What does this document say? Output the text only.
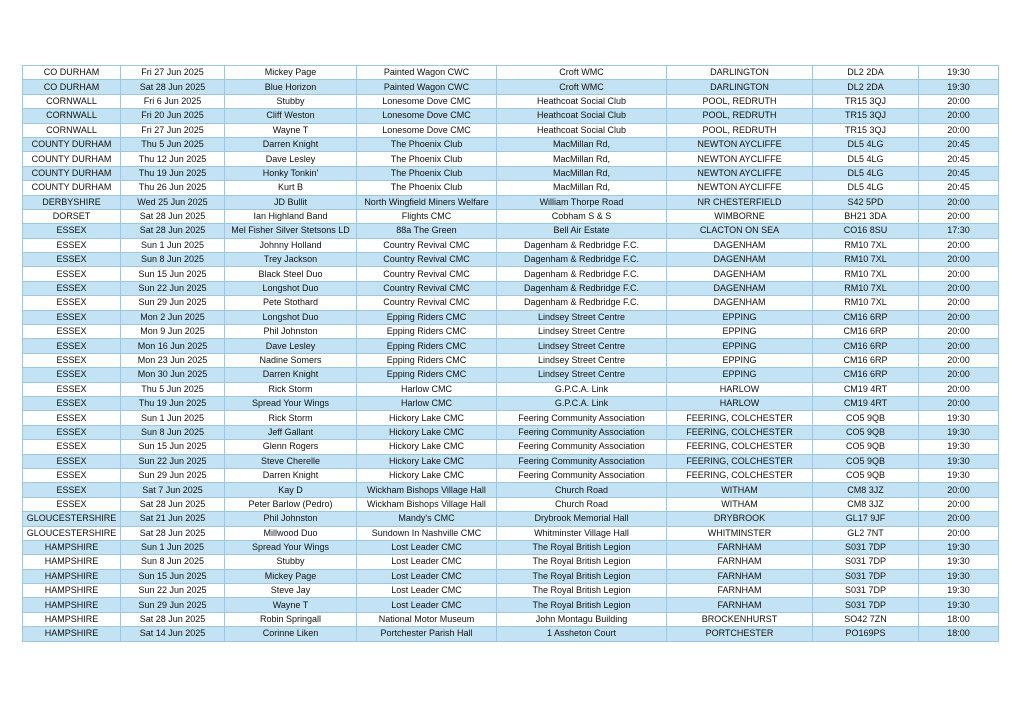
CO DURHAM	Fri 27 Jun 2025	Mickey Page	Painted Wagon CWC	Croft WMC	DARLINGTON	DL2 2DA	19:30
CO DURHAM	Sat 28 Jun 2025	Blue Horizon	Painted Wagon CWC	Croft WMC	DARLINGTON	DL2 2DA	19:30
CORNWALL	Fri 6 Jun 2025	Stubby	Lonesome Dove CMC	Heathcoat Social Club	POOL, REDRUTH	TR15 3QJ	20:00
CORNWALL	Fri 20 Jun 2025	Cliff Weston	Lonesome Dove CMC	Heathcoat Social Club	POOL, REDRUTH	TR15 3QJ	20:00
CORNWALL	Fri 27 Jun 2025	Wayne T	Lonesome Dove CMC	Heathcoat Social Club	POOL, REDRUTH	TR15 3QJ	20:00
COUNTY DURHAM	Thu 5 Jun 2025	Darren Knight	The Phoenix Club	MacMillan Rd,	NEWTON AYCLIFFE	DL5 4LG	20:45
COUNTY DURHAM	Thu 12 Jun 2025	Dave Lesley	The Phoenix Club	MacMillan Rd,	NEWTON AYCLIFFE	DL5 4LG	20:45
COUNTY DURHAM	Thu 19 Jun 2025	Honky Tonkin'	The Phoenix Club	MacMillan Rd,	NEWTON AYCLIFFE	DL5 4LG	20:45
COUNTY DURHAM	Thu 26 Jun 2025	Kurt B	The Phoenix Club	MacMillan Rd,	NEWTON AYCLIFFE	DL5 4LG	20:45
DERBYSHIRE	Wed 25 Jun 2025	JD Bullit	North Wingfield Miners Welfare	William Thorpe Road	NR CHESTERFIELD	S42 5PD	20:00
DORSET	Sat 28 Jun 2025	Ian Highland Band	Flights CMC	Cobham S & S	WIMBORNE	BH21 3DA	20:00
ESSEX	Sat 28 Jun 2025	Mel Fisher Silver Stetsons LD	88a The Green	Bell Air Estate	CLACTON ON SEA	CO16 8SU	17:30
ESSEX	Sun 1 Jun 2025	Johnny Holland	Country Revival CMC	Dagenham & Redbridge F.C.	DAGENHAM	RM10 7XL	20:00
ESSEX	Sun 8 Jun 2025	Trey Jackson	Country Revival CMC	Dagenham & Redbridge F.C.	DAGENHAM	RM10 7XL	20:00
ESSEX	Sun 15 Jun 2025	Black Steel Duo	Country Revival CMC	Dagenham & Redbridge F.C.	DAGENHAM	RM10 7XL	20:00
ESSEX	Sun 22 Jun 2025	Longshot Duo	Country Revival CMC	Dagenham & Redbridge F.C.	DAGENHAM	RM10 7XL	20:00
ESSEX	Sun 29 Jun 2025	Pete Stothard	Country Revival CMC	Dagenham & Redbridge F.C.	DAGENHAM	RM10 7XL	20:00
ESSEX	Mon 2 Jun 2025	Longshot Duo	Epping Riders CMC	Lindsey Street Centre	EPPING	CM16 6RP	20:00
ESSEX	Mon 9 Jun 2025	Phil Johnston	Epping Riders CMC	Lindsey Street Centre	EPPING	CM16 6RP	20:00
ESSEX	Mon 16 Jun 2025	Dave Lesley	Epping Riders CMC	Lindsey Street Centre	EPPING	CM16 6RP	20:00
ESSEX	Mon 23 Jun 2025	Nadine Somers	Epping Riders CMC	Lindsey Street Centre	EPPING	CM16 6RP	20:00
ESSEX	Mon 30 Jun 2025	Darren Knight	Epping Riders CMC	Lindsey Street Centre	EPPING	CM16 6RP	20:00
ESSEX	Thu 5 Jun 2025	Rick Storm	Harlow CMC	G.P.C.A. Link	HARLOW	CM19 4RT	20:00
ESSEX	Thu 19 Jun 2025	Spread Your Wings	Harlow CMC	G.P.C.A. Link	HARLOW	CM19 4RT	20:00
ESSEX	Sun 1 Jun 2025	Rick Storm	Hickory Lake CMC	Feering Community Association	FEERING, COLCHESTER	CO5 9QB	19:30
ESSEX	Sun 8 Jun 2025	Jeff Gallant	Hickory Lake CMC	Feering Community Association	FEERING, COLCHESTER	CO5 9QB	19:30
ESSEX	Sun 15 Jun 2025	Glenn Rogers	Hickory Lake CMC	Feering Community Association	FEERING, COLCHESTER	CO5 9QB	19:30
ESSEX	Sun 22 Jun 2025	Steve Cherelle	Hickory Lake CMC	Feering Community Association	FEERING, COLCHESTER	CO5 9QB	19:30
ESSEX	Sun 29 Jun 2025	Darren Knight	Hickory Lake CMC	Feering Community Association	FEERING, COLCHESTER	CO5 9QB	19:30
ESSEX	Sat 7 Jun 2025	Kay D	Wickham Bishops Village Hall	Church Road	WITHAM	CM8 3JZ	20:00
ESSEX	Sat 28 Jun 2025	Peter Barlow (Pedro)	Wickham Bishops Village Hall	Church Road	WITHAM	CM8 3JZ	20:00
GLOUCESTERSHIRE	Sat 21 Jun 2025	Phil Johnston	Mandy's CMC	Drybrook Memorial Hall	DRYBROOK	GL17 9JF	20:00
GLOUCESTERSHIRE	Sat 28 Jun 2025	Millwood Duo	Sundown In Nashville CMC	Whitminster Village Hall	WHITMINSTER	GL2 7NT	20:00
HAMPSHIRE	Sun 1 Jun 2025	Spread Your Wings	Lost Leader CMC	The Royal British Legion	FARNHAM	S031 7DP	19:30
HAMPSHIRE	Sun 8 Jun 2025	Stubby	Lost Leader CMC	The Royal British Legion	FARNHAM	S031 7DP	19:30
HAMPSHIRE	Sun 15 Jun 2025	Mickey Page	Lost Leader CMC	The Royal British Legion	FARNHAM	S031 7DP	19:30
HAMPSHIRE	Sun 22 Jun 2025	Steve Jay	Lost Leader CMC	The Royal British Legion	FARNHAM	S031 7DP	19:30
HAMPSHIRE	Sun 29 Jun 2025	Wayne T	Lost Leader CMC	The Royal British Legion	FARNHAM	S031 7DP	19:30
HAMPSHIRE	Sat 28 Jun 2025	Robin Springall	National Motor Museum	John Montagu Building	BROCKENHURST	SO42 7ZN	18:00
HAMPSHIRE	Sat 14 Jun 2025	Corinne Liken	Portchester Parish Hall	1 Assheton Court	PORTCHESTER	PO169PS	18:00
